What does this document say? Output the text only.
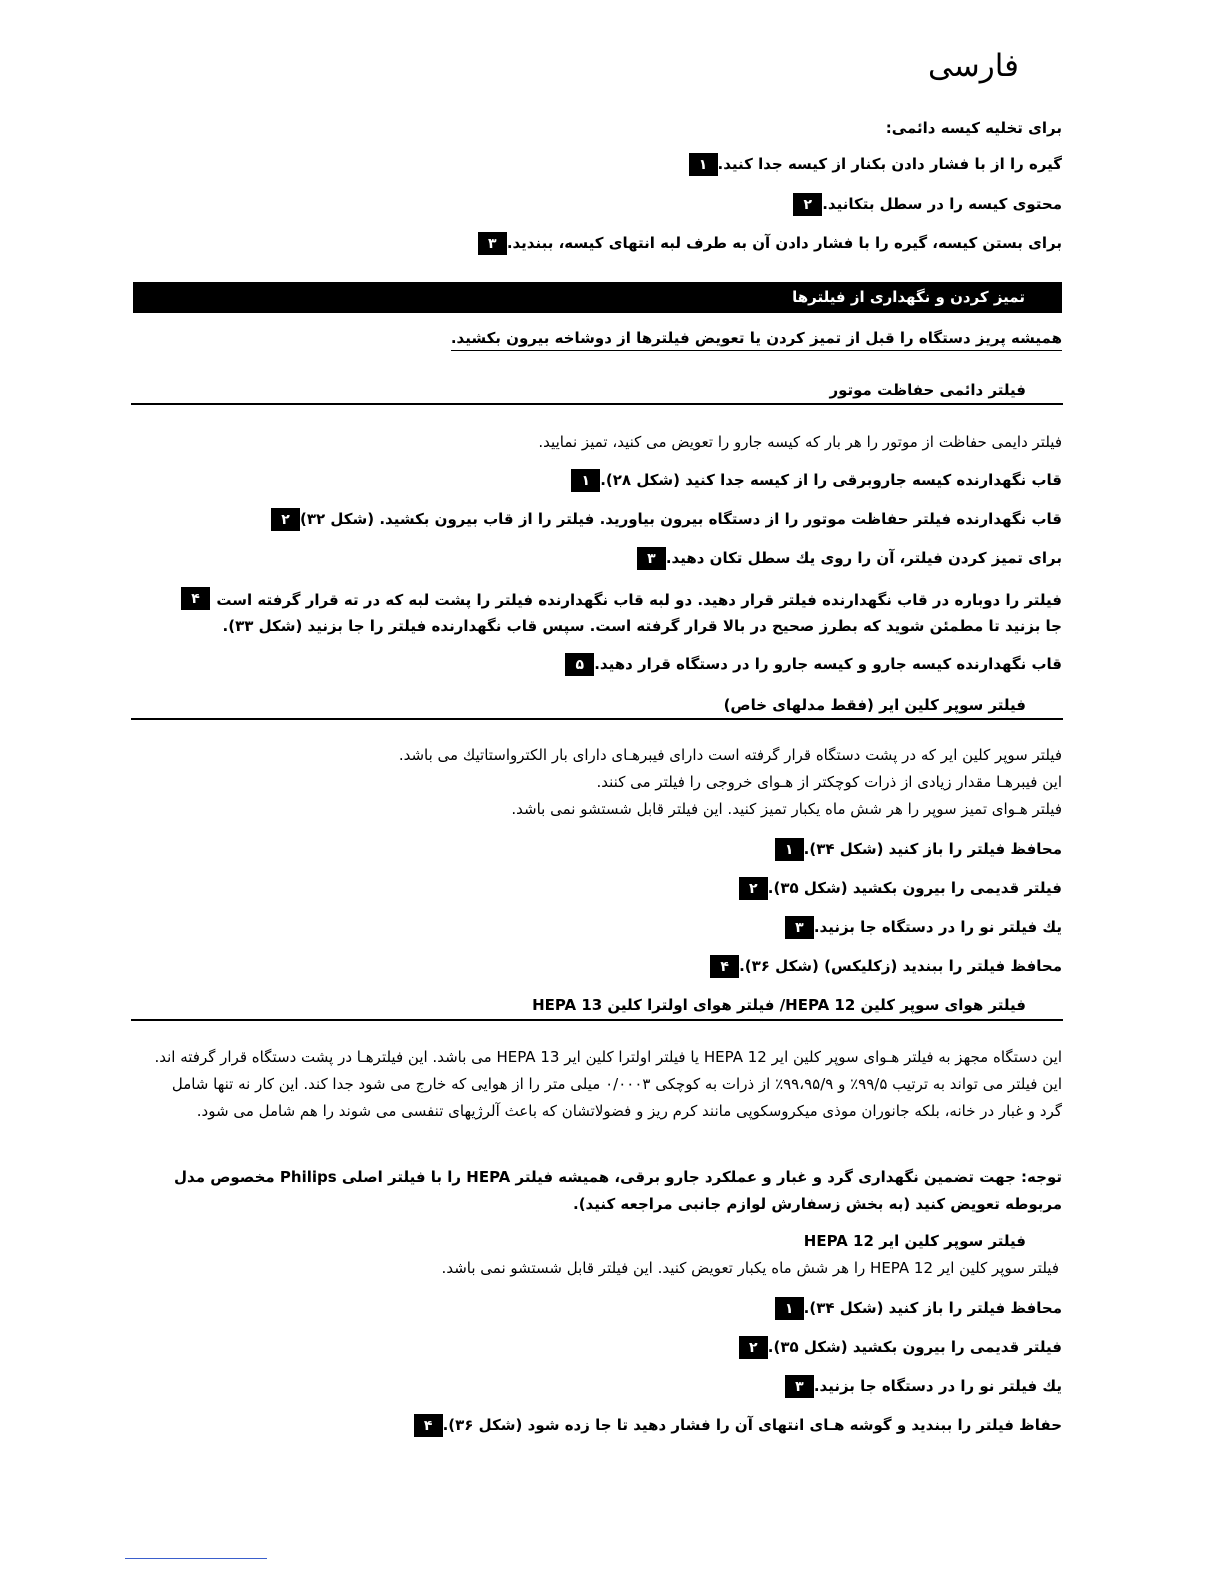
فارسی
برای تخلیه کیسه دائمی:
۱ گیره را از با فشار دادن بکنار از کیسه جدا کنید.
۲ محتوی کیسه را در سطل بتکانید.
۳ برای بستن کیسه، گیره را با فشار دادن آن به طرف لبه انتهای کیسه، ببندید.
تمیز کردن و نگهداری از فیلترها
همیشه پریز دستگاه را قبل از تمیز کردن یا تعویض فیلترها از دوشاخه بیرون بکشید.
فیلتر دائمی حفاظت موتور
فیلتر دایمی حفاظت از موتور را هر بار که کیسه جارو را تعویض می کنید، تمیز نمایید.
۱ قاب نگهدارنده کیسه جاروبرقی را از کیسه جدا کنید (شکل ۲۸).
۲ قاب نگهدارنده فیلتر حفاظت موتور را از دستگاه بیرون بیاورید. فیلتر را از قاب بیرون بکشید. (شکل ۳۲)
۳ برای تمیز کردن فیلتر، آن را روی یك سطل تكان دهید.
۴	فیلتر را دوباره در قاب نگهدارنده فیلتر قرار دهید. دو لبه قاب نگهدارنده فیلتر را پشت لبه که در ته قرار گرفته است جا بزنید تا مطمئن شوید که بطرز صحیح در بالا قرار گرفته است. سپس قاب نگهدارنده فیلتر را جا بزنید (شکل ۳۳).
۵ قاب نگهدارنده کیسه جارو و کیسه جارو را در دستگاه قرار دهید.
فیلتر سوپر کلین ایر (فقط مدلهای خاص)
فیلتر سوپر کلین ایر که در پشت دستگاه قرار گرفته است دارای فیبرهـای دارای بار الکترواستاتیك می باشد.
این فیبرهـا مقدار زیادی از ذرات کوچکتر از هـوای خروجی را فیلتر می کنند.
فیلتر هـوای تمیز سوپر را هر شش ماه یکبار تمیز کنید. این فیلتر قابل شستشو نمی باشد.
۱ محافظ فیلتر را باز کنید (شکل ۳۴).
۲ فیلتر قدیمی را بیرون بکشید (شکل ۳۵).
۳ یك فیلتر نو را در دستگاه جا بزنید.
۴ محافظ فیلتر را ببندید (زکلیکس) (شکل ۳۶).
فیلتر هوای سوپر کلین HEPA 12/ فیلتر هوای اولترا کلین HEPA 13
این دستگاه مجهز به فیلتر هـوای سوپر کلین ایر HEPA 12 یا فیلتر اولترا کلین ایر HEPA 13 می باشد. این فیلترهـا در پشت دستگاه قرار گرفته اند. این فیلتر می تواند به ترتیب ۹۹/۵٪ و ۹۹،۹۵/۹٪ از ذرات به کوچکی ۰/۰۰۰۳ میلی متر را از هوایی که خارج می شود جدا کند. این کار نه تنها شامل گرد و غبار در خانه، بلکه جانوران موذی میکروسکوپی مانند کرم ریز و فضولاتشان که باعث آلرژیهای تنفسی می شوند را هم شامل می شود.
توجه: جهت تضمین نگهداری گرد و غبار و عملکرد جارو برقی، همیشه فیلتر HEPA را با فیلتر اصلی Philips مخصوص مدل مربوطه تعویض کنید (به بخش زسفارش لوازم جانبی مراجعه کنید).
فیلتر سوپر کلین ایر HEPA 12
فیلتر سوپر کلین ایر HEPA 12 را هر شش ماه یکبار تعویض کنید. این فیلتر قابل شستشو نمی باشد.
۱ محافظ فیلتر را باز کنید (شکل ۳۴).
۲ فیلتر قدیمی را بیرون بکشید (شکل ۳۵).
۳ یك فیلتر نو را در دستگاه جا بزنید.
۴ حفاظ فیلتر را ببندید و گوشه هـای انتهای آن را فشار دهید تا جا زده شود (شکل ۳۶).
